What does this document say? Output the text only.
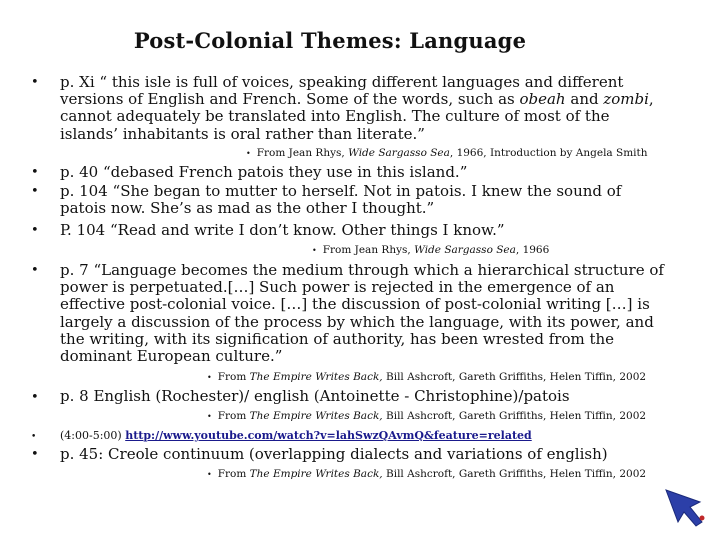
Post-Colonial Themes: Language
• p. Xi “ this isle is full of voices, speaking different languages and different versions of English and French. Some of the words, such as obeah and zombi, cannot adequately be translated into English. The culture of most of the islands’ inhabitants is oral rather than literate.”
• From Jean Rhys, Wide Sargasso Sea, 1966, Introduction by Angela Smith
• p. 40 “debased French patois they use in this island.”
• p. 104 “She began to mutter to herself. Not in patois. I knew the sound of patois now. She’s as mad as the other I thought.”
• P. 104 “Read and write I don’t know. Other things I know.”
• From Jean Rhys, Wide Sargasso Sea, 1966
• p. 7 “Language becomes the medium through which a hierarchical structure of power is perpetuated.[…] Such power is rejected in the emergence of an effective post-colonial voice. […] the discussion of post-colonial writing […] is largely a discussion of the process by which the language, with its power, and the writing, with its signification of authority, has been wrested from the dominant European culture.”
• From The Empire Writes Back, Bill Ashcroft, Gareth Griffiths, Helen Tiffin, 2002
• p. 8 English (Rochester)/ english (Antoinette - Christophine)/patois
• From The Empire Writes Back, Bill Ashcroft, Gareth Griffiths, Helen Tiffin, 2002
• (4:00-5:00) http://www.youtube.com/watch?v=lahSwzQAvmQ&feature=related
• p. 45: Creole continuum (overlapping dialects and variations of english)
• From The Empire Writes Back, Bill Ashcroft, Gareth Griffiths, Helen Tiffin, 2002
